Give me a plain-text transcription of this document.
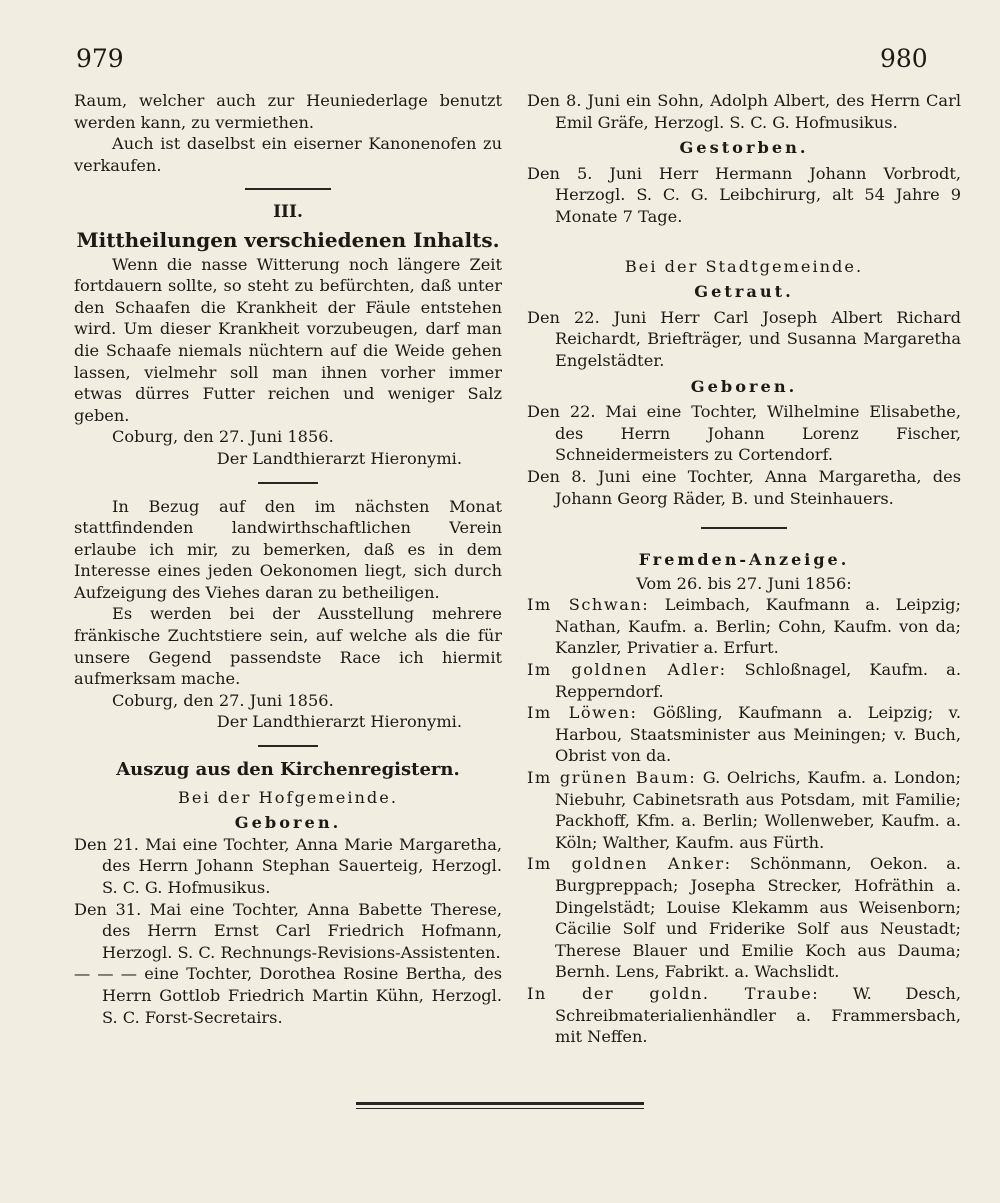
979	980

Raum, welcher auch zur Heuniederlage benutzt werden kann, zu vermiethen.

Auch ist daselbst ein eiserner Kanonenofen zu verkaufen.

III.
Mittheilungen verschiedenen Inhalts.

Wenn die nasse Witterung noch längere Zeit fortdauern sollte, so steht zu befürchten, daß unter den Schaafen die Krankheit der Fäule entstehen wird. Um dieser Krankheit vorzubeugen, darf man die Schaafe niemals nüchtern auf die Weide gehen lassen, vielmehr soll man ihnen vorher immer etwas dürres Futter reichen und weniger Salz geben.

Coburg, den 27. Juni 1856.

Der Landthierarzt Hieronymi.

In Bezug auf den im nächsten Monat stattfindenden landwirthschaftlichen Verein erlaube ich mir, zu bemerken, daß es in dem Interesse eines jeden Oekonomen liegt, sich durch Aufzeigung des Viehes daran zu betheiligen.

Es werden bei der Ausstellung mehrere fränkische Zuchtstiere sein, auf welche als die für unsere Gegend passendste Race ich hiermit aufmerksam mache.

Coburg, den 27. Juni 1856.

Der Landthierarzt Hieronymi.

Auszug aus den Kirchenregistern.
Bei der Hofgemeinde.
Geboren.

Den 21. Mai eine Tochter, Anna Marie Margaretha, des Herrn Johann Stephan Sauerteig, Herzogl. S. C. G. Hofmusikus.

Den 31. Mai eine Tochter, Anna Babette Therese, des Herrn Ernst Carl Friedrich Hofmann, Herzogl. S. C. Rechnungs-Revisions-Assistenten.

— — — eine Tochter, Dorothea Rosine Bertha, des Herrn Gottlob Friedrich Martin Kühn, Herzogl. S. C. Forst-Secretairs.

Den 8. Juni ein Sohn, Adolph Albert, des Herrn Carl Emil Gräfe, Herzogl. S. C. G. Hofmusikus.

Gestorben.

Den 5. Juni Herr Hermann Johann Vorbrodt, Herzogl. S. C. G. Leibchirurg, alt 54 Jahre 9 Monate 7 Tage.

Bei der Stadtgemeinde.
Getraut.

Den 22. Juni Herr Carl Joseph Albert Richard Reichardt, Briefträger, und Susanna Margaretha Engelstädter.

Geboren.

Den 22. Mai eine Tochter, Wilhelmine Elisabethe, des Herrn Johann Lorenz Fischer, Schneidermeisters zu Cortendorf.

Den 8. Juni eine Tochter, Anna Margaretha, des Johann Georg Räder, B. und Steinhauers.

Fremden-Anzeige.

Vom 26. bis 27. Juni 1856:

Im Schwan: Leimbach, Kaufmann a. Leipzig; Nathan, Kaufm. a. Berlin; Cohn, Kaufm. von da; Kanzler, Privatier a. Erfurt.

Im goldnen Adler: Schloßnagel, Kaufm. a. Repperndorf.

Im Löwen: Gößling, Kaufmann a. Leipzig; v. Harbou, Staatsminister aus Meiningen; v. Buch, Obrist von da.

Im grünen Baum: G. Oelrichs, Kaufm. a. London; Niebuhr, Cabinetsrath aus Potsdam, mit Familie; Packhoff, Kfm. a. Berlin; Wollenweber, Kaufm. a. Köln; Walther, Kaufm. aus Fürth.

Im goldnen Anker: Schönmann, Oekon. a. Burgpreppach; Josepha Strecker, Hofräthin a. Dingelstädt; Louise Klekamm aus Weisenborn; Cäcilie Solf und Friderike Solf aus Neustadt; Therese Blauer und Emilie Koch aus Dauma; Bernh. Lens, Fabrikt. a. Wachslidt.

In der goldn. Traube: W. Desch, Schreibmaterialienhändler a. Frammersbach, mit Neffen.
